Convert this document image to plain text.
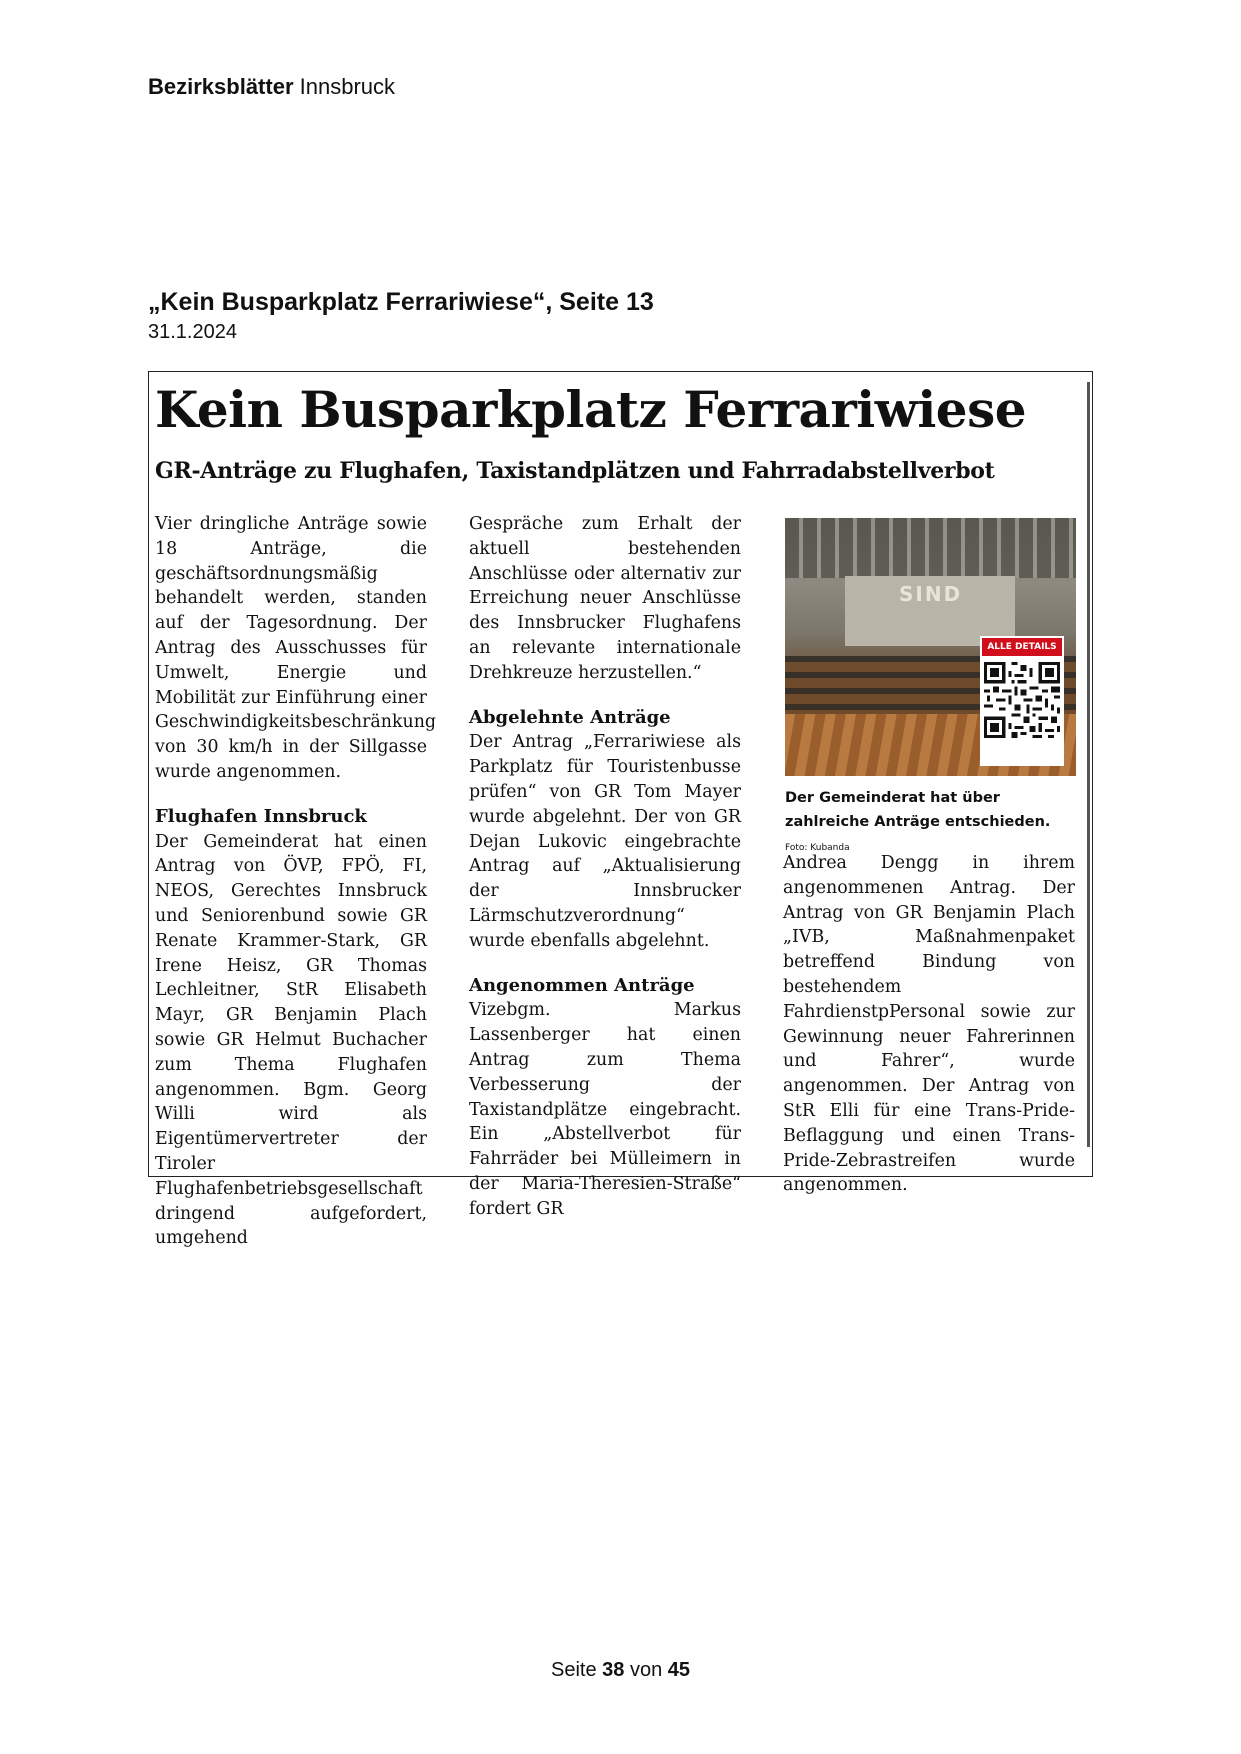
Bezirksblätter Innsbruck
„Kein Busparkplatz Ferrariwiese“, Seite 13
31.1.2024
Kein Busparkplatz Ferrariwiese
GR-Anträge zu Flughafen, Taxistandplätzen und Fahrradabstellverbot

Vier dringliche Anträge sowie 18 Anträge, die geschäftsordnungsmäßig behandelt werden, standen auf der Tagesordnung. Der Antrag des Ausschusses für Umwelt, Energie und Mobilität zur Einführung einer Geschwindigkeitsbeschränkung von 30 km/h in der Sillgasse wurde angenommen.

Flughafen Innsbruck

Der Gemeinderat hat einen Antrag von ÖVP, FPÖ, FI, NEOS, Gerechtes Innsbruck und Seniorenbund sowie GR Renate Krammer-Stark, GR Irene Heisz, GR Thomas Lechleitner, StR Elisabeth Mayr, GR Benjamin Plach sowie GR Helmut Buchacher zum Thema Flughafen angenommen. Bgm. Georg Willi wird als Eigentümervertreter der Tiroler Flughafenbetriebsgesellschaft dringend aufgefordert, umgehend

Gespräche zum Erhalt der aktuell bestehenden Anschlüsse oder alternativ zur Erreichung neuer Anschlüsse des Innsbrucker Flughafens an relevante internationale Drehkreuze herzustellen.“

Abgelehnte Anträge

Der Antrag „Ferrariwiese als Parkplatz für Touristenbusse prüfen“ von GR Tom Mayer wurde abgelehnt. Der von GR Dejan Lukovic eingebrachte Antrag auf „Aktualisierung der Innsbrucker Lärmschutzverordnung“ wurde ebenfalls abgelehnt.

Angenommen Anträge

Vizebgm. Markus Lassenberger hat einen Antrag zum Thema Verbesserung der Taxistandplätze eingebracht. Ein „Abstellverbot für Fahrräder bei Mülleimern in der Maria-Theresien-Straße“ fordert GR

SIND
ALLE DETAILS
Der Gemeinderat hat über zahlreiche Anträge entschieden. Foto: Kubanda

Andrea Dengg in ihrem angenommenen Antrag. Der Antrag von GR Benjamin Plach „IVB, Maßnahmenpaket betreffend Bindung von bestehendem FahrdienstpPersonal sowie zur Gewinnung neuer Fahrerinnen und Fahrer“, wurde angenommen. Der Antrag von StR Elli für eine Trans-Pride-Beflaggung und einen Trans-Pride-Zebrastreifen wurde angenommen.

Seite 38 von 45
